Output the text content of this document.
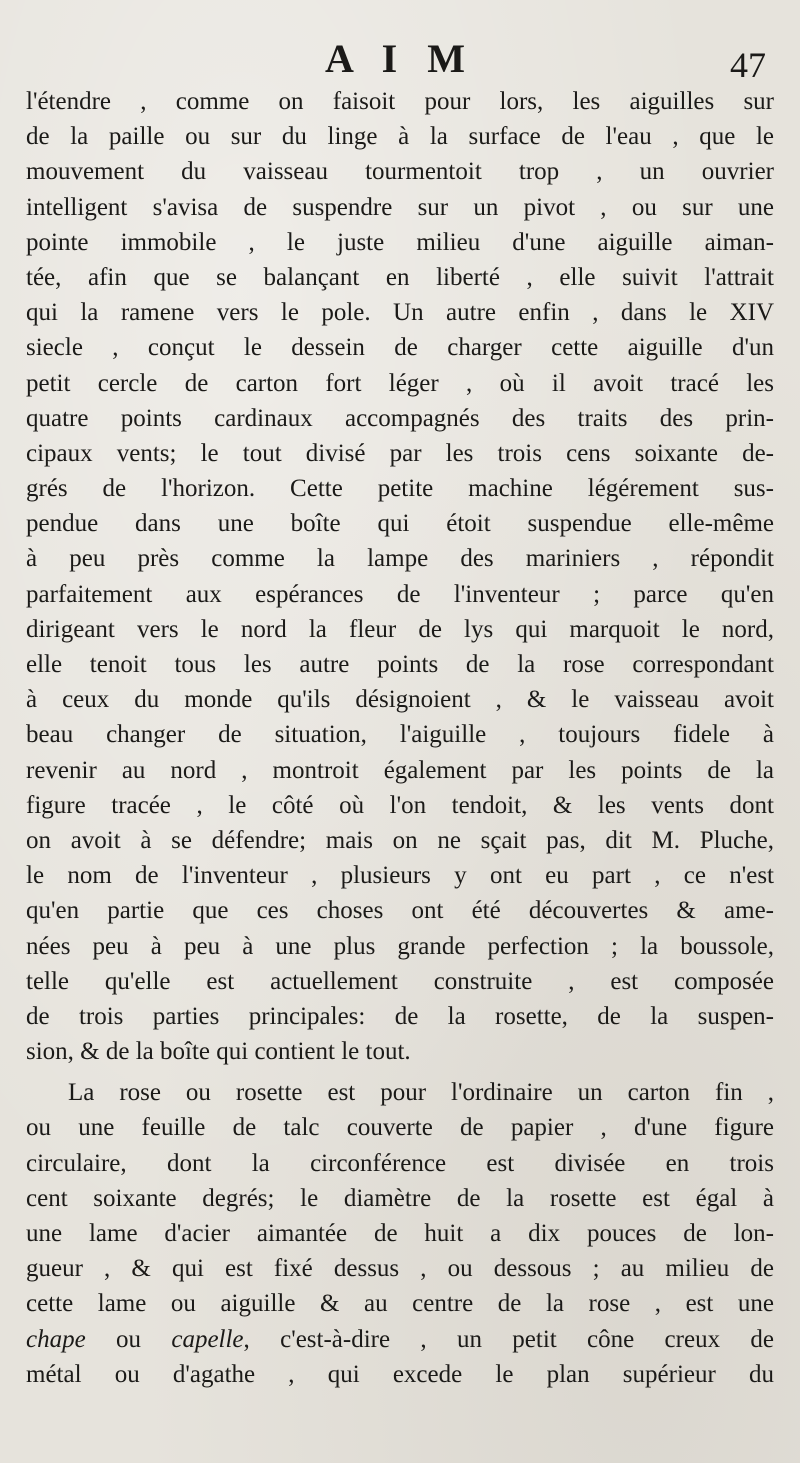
A I M	47
l'étendre , comme on faisoit pour lors, les aiguilles sur
de la paille ou sur du linge à la surface de l'eau , que le
mouvement du vaisseau tourmentoit trop , un ouvrier
intelligent s'avisa de suspendre sur un pivot , ou sur une
pointe immobile , le juste milieu d'une aiguille aiman-
tée, afin que se balançant en liberté , elle suivit l'attrait
qui la ramene vers le pole. Un autre enfin , dans le XIV
siecle , conçut le dessein de charger cette aiguille d'un
petit cercle de carton fort léger , où il avoit tracé les
quatre points cardinaux accompagnés des traits des prin-
cipaux vents; le tout divisé par les trois cens soixante de-
grés de l'horizon. Cette petite machine légérement sus-
pendue dans une boîte qui étoit suspendue elle-même
à peu près comme la lampe des mariniers , répondit
parfaitement aux espérances de l'inventeur ; parce qu'en
dirigeant vers le nord la fleur de lys qui marquoit le nord,
elle tenoit tous les autre points de la rose correspondant
à ceux du monde qu'ils désignoient , & le vaisseau avoit
beau changer de situation, l'aiguille , toujours fidele à
revenir au nord , montroit également par les points de la
figure tracée , le côté où l'on tendoit, & les vents dont
on avoit à se défendre; mais on ne sçait pas, dit M. Pluche,
le nom de l'inventeur , plusieurs y ont eu part , ce n'est
qu'en partie que ces choses ont été découvertes & ame-
nées peu à peu à une plus grande perfection ; la boussole,
telle qu'elle est actuellement construite , est composée
de trois parties principales: de la rosette, de la suspen-
sion, & de la boîte qui contient le tout.
La rose ou rosette est pour l'ordinaire un carton fin ,
ou une feuille de talc couverte de papier , d'une figure
circulaire, dont la circonférence est divisée en trois
cent soixante degrés; le diamètre de la rosette est égal à
une lame d'acier aimantée de huit a dix pouces de lon-
gueur , & qui est fixé dessus , ou dessous ; au milieu de
cette lame ou aiguille & au centre de la rose , est une
chape ou capelle, c'est-à-dire , un petit cône creux de
métal ou d'agathe , qui excede le plan supérieur du
